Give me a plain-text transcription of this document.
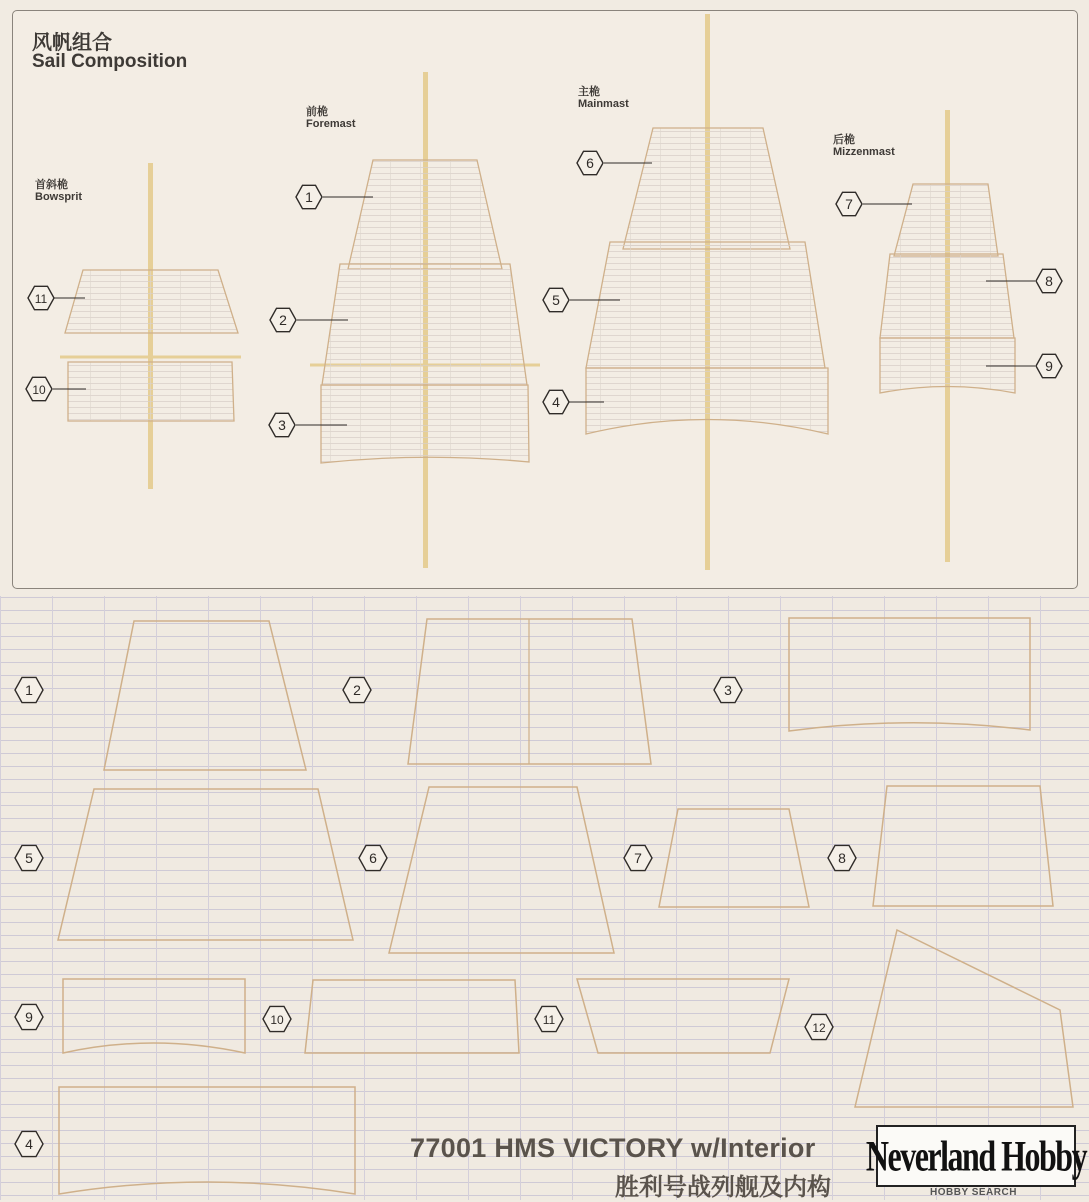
1
2
3
4
5
6
7
8
9
10
11
1	2	3
4
5	6	7	8
9	10	11
12
风帆组合
Sail Composition
首斜桅
Bowsprit
前桅
Foremast
主桅
Mainmast
后桅
Mizzenmast
77001 HMS VICTORY w/Interior
胜利号战列舰及内构
Neverland Hobby
HOBBY SEARCH
